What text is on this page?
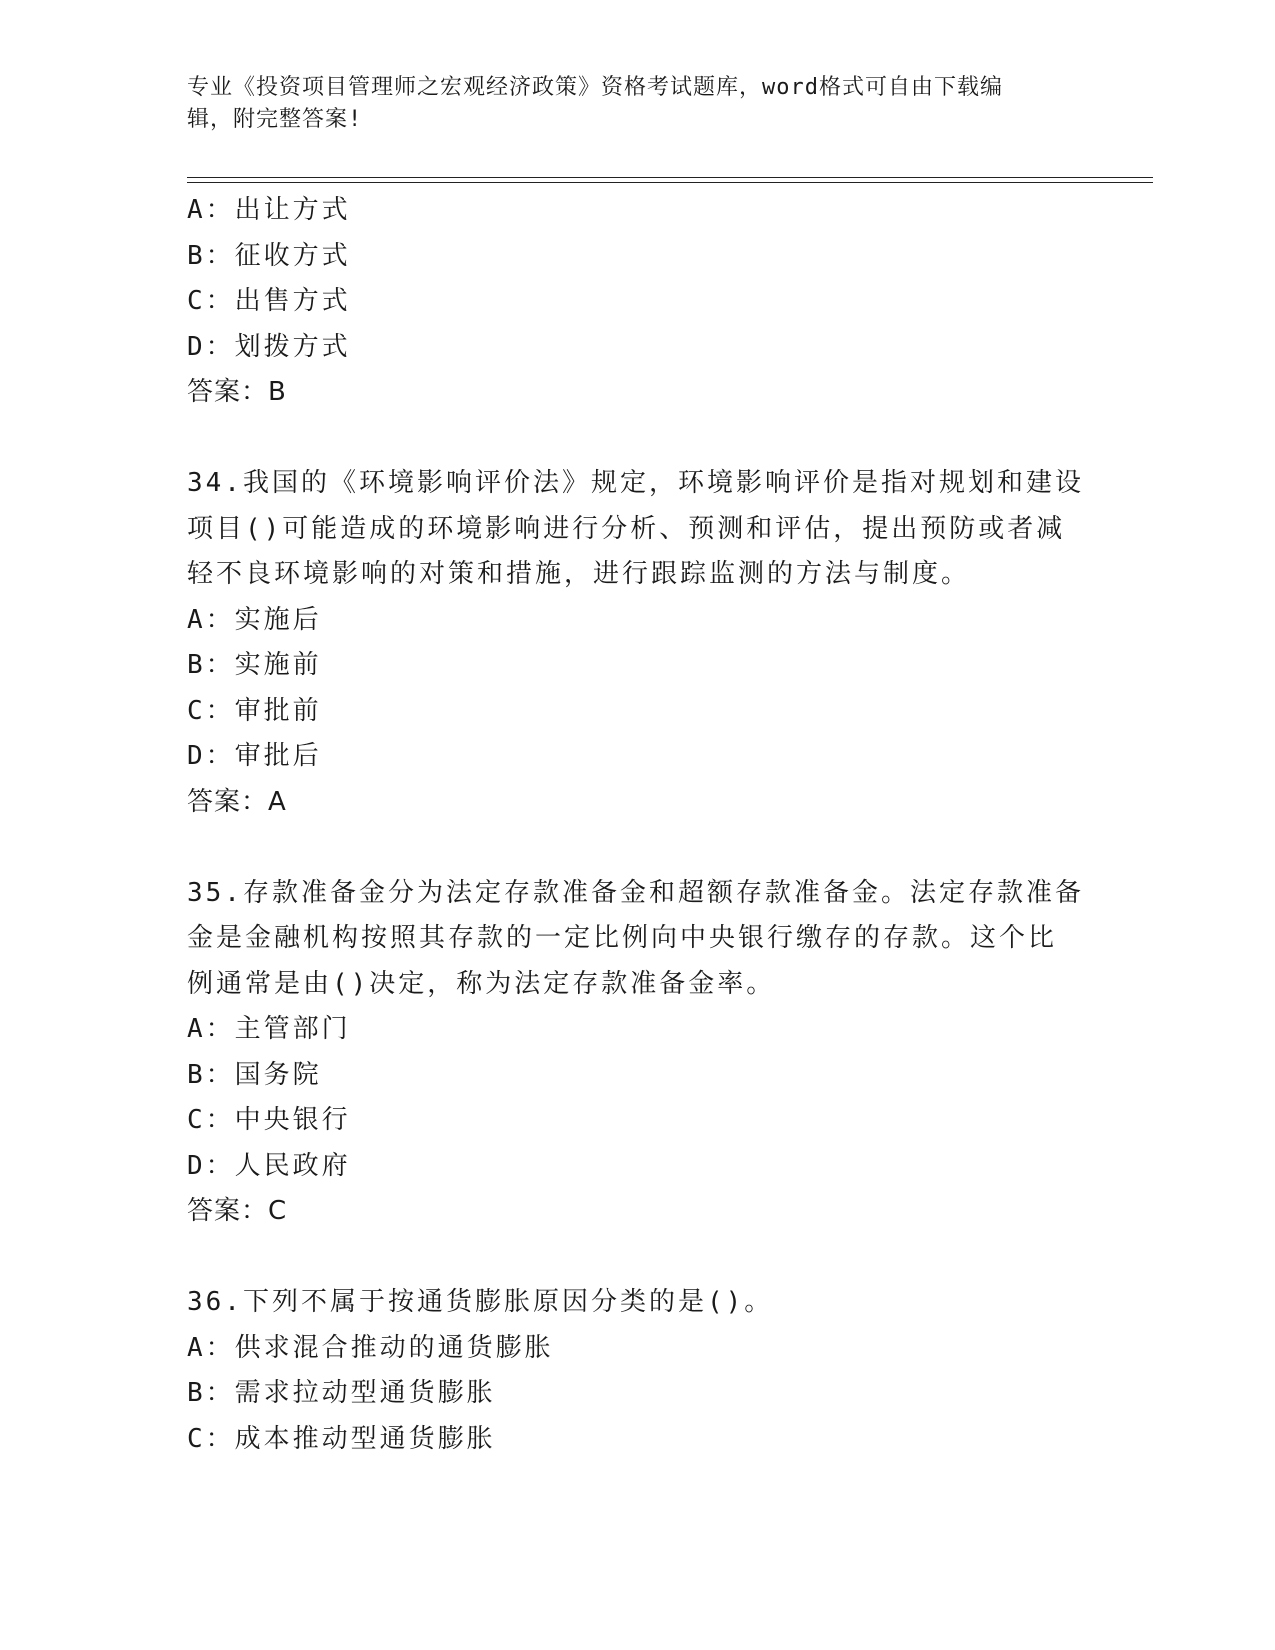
专业《投资项目管理师之宏观经济政策》资格考试题库，word格式可自由下载编
辑，附完整答案!
A：出让方式
B：征收方式
C：出售方式
D：划拨方式
答案：B
34.我国的《环境影响评价法》规定，环境影响评价是指对规划和建设
项目()可能造成的环境影响进行分析、预测和评估，提出预防或者减
轻不良环境影响的对策和措施，进行跟踪监测的方法与制度。
A：实施后
B：实施前
C：审批前
D：审批后
答案：A
35.存款准备金分为法定存款准备金和超额存款准备金。法定存款准备
金是金融机构按照其存款的一定比例向中央银行缴存的存款。这个比
例通常是由()决定，称为法定存款准备金率。
A：主管部门
B：国务院
C：中央银行
D：人民政府
答案：C
36.下列不属于按通货膨胀原因分类的是()。
A：供求混合推动的通货膨胀
B：需求拉动型通货膨胀
C：成本推动型通货膨胀
